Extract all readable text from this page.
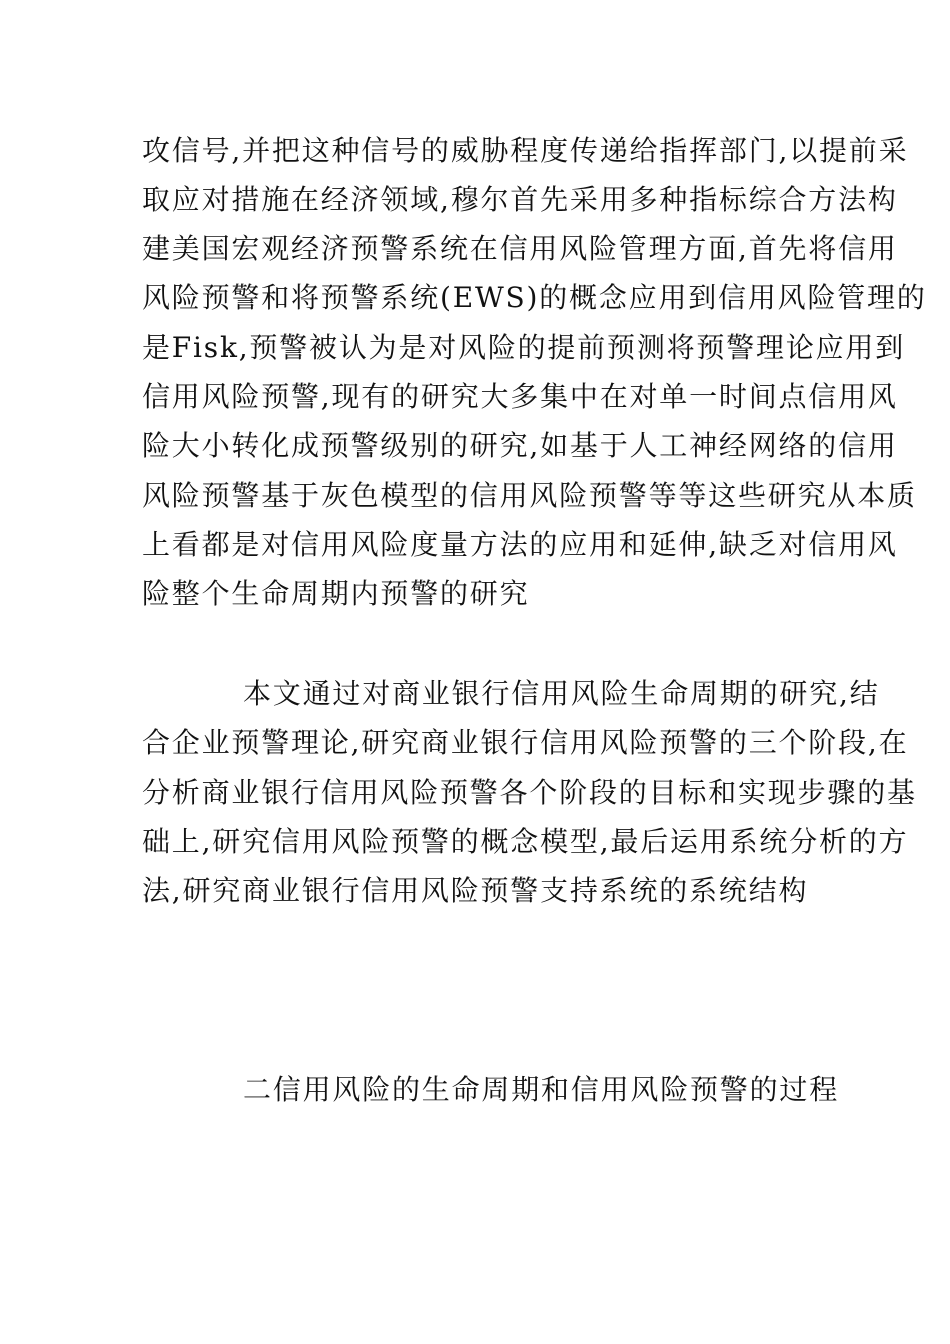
攻信号,并把这种信号的威胁程度传递给指挥部门,以提前采
取应对措施在经济领域,穆尔首先采用多种指标综合方法构
建美国宏观经济预警系统在信用风险管理方面,首先将信用
风险预警和将预警系统(EWS)的概念应用到信用风险管理的
是Fisk,预警被认为是对风险的提前预测将预警理论应用到
信用风险预警,现有的研究大多集中在对单一时间点信用风
险大小转化成预警级别的研究,如基于人工神经网络的信用
风险预警基于灰色模型的信用风险预警等等这些研究从本质
上看都是对信用风险度量方法的应用和延伸,缺乏对信用风
险整个生命周期内预警的研究
本文通过对商业银行信用风险生命周期的研究,结
合企业预警理论,研究商业银行信用风险预警的三个阶段,在
分析商业银行信用风险预警各个阶段的目标和实现步骤的基
础上,研究信用风险预警的概念模型,最后运用系统分析的方
法,研究商业银行信用风险预警支持系统的系统结构
二信用风险的生命周期和信用风险预警的过程
